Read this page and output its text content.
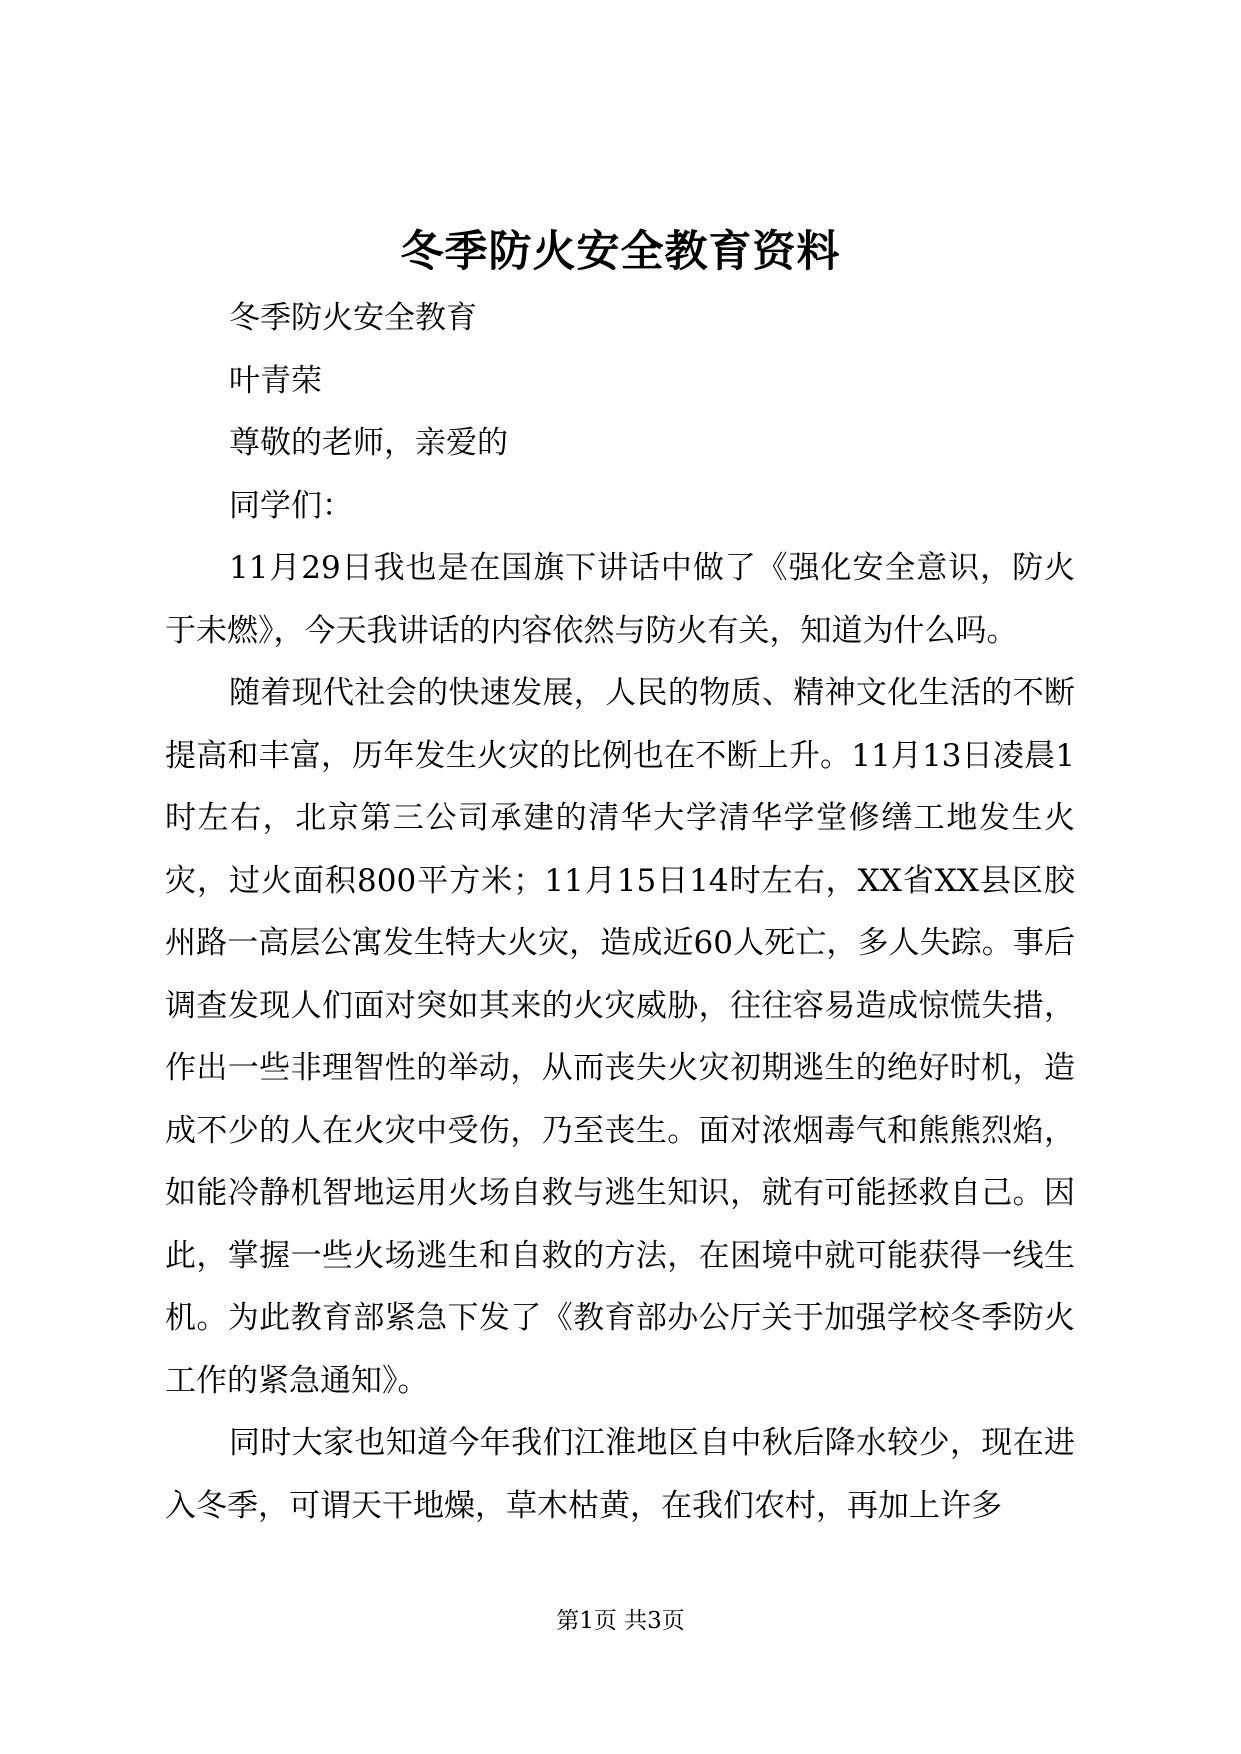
冬季防火安全教育资料

冬季防火安全教育

叶青荣

尊敬的老师，亲爱的

同学们：

11月29日我也是在国旗下讲话中做了《强化安全意识，防火于未燃》，今天我讲话的内容依然与防火有关，知道为什么吗。

随着现代社会的快速发展，人民的物质、精神文化生活的不断提高和丰富，历年发生火灾的比例也在不断上升。11月13日凌晨1时左右，北京第三公司承建的清华大学清华学堂修缮工地发生火灾，过火面积800平方米；11月15日14时左右，XX省XX县区胶州路一高层公寓发生特大火灾，造成近60人死亡，多人失踪。事后调查发现人们面对突如其来的火灾威胁，往往容易造成惊慌失措，作出一些非理智性的举动，从而丧失火灾初期逃生的绝好时机，造成不少的人在火灾中受伤，乃至丧生。面对浓烟毒气和熊熊烈焰，如能冷静机智地运用火场自救与逃生知识，就有可能拯救自己。因此，掌握一些火场逃生和自救的方法，在困境中就可能获得一线生机。为此教育部紧急下发了《教育部办公厅关于加强学校冬季防火工作的紧急通知》。

同时大家也知道今年我们江淮地区自中秋后降水较少，现在进入冬季，可谓天干地燥，草木枯黄，在我们农村，再加上许多

第1页 共3页
